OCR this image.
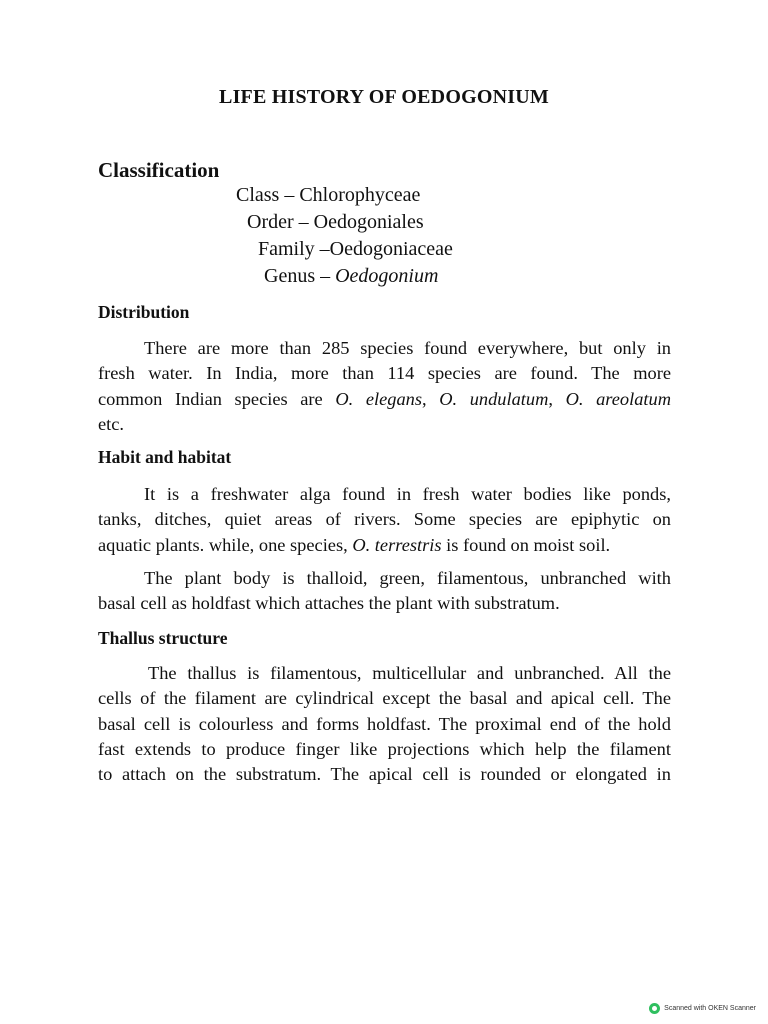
LIFE HISTORY OF OEDOGONIUM
Classification

Class – Chlorophyceae

Order – Oedogoniales

Family –Oedogoniaceae

Genus – Oedogonium

Distribution
There are more than 285 species found everywhere, but only in
fresh water. In India, more than 114 species are found. The more
common Indian species are O. elegans, O. undulatum, O. areolatum
etc.
Habit and habitat
It is a freshwater alga found in fresh water bodies like ponds,
tanks, ditches, quiet areas of rivers. Some species are epiphytic on
aquatic plants. while, one species, O. terrestris is found on moist soil.
The plant body is thalloid, green, filamentous, unbranched with
basal cell as holdfast which attaches the plant with substratum.
Thallus structure
The thallus is filamentous, multicellular and unbranched. All the
cells of the filament are cylindrical except the basal and apical cell. The
basal cell is colourless and forms holdfast. The proximal end of the hold
fast extends to produce finger like projections which help the filament
to attach on the substratum. The apical cell is rounded or elongated in
Scanned with OKEN Scanner
